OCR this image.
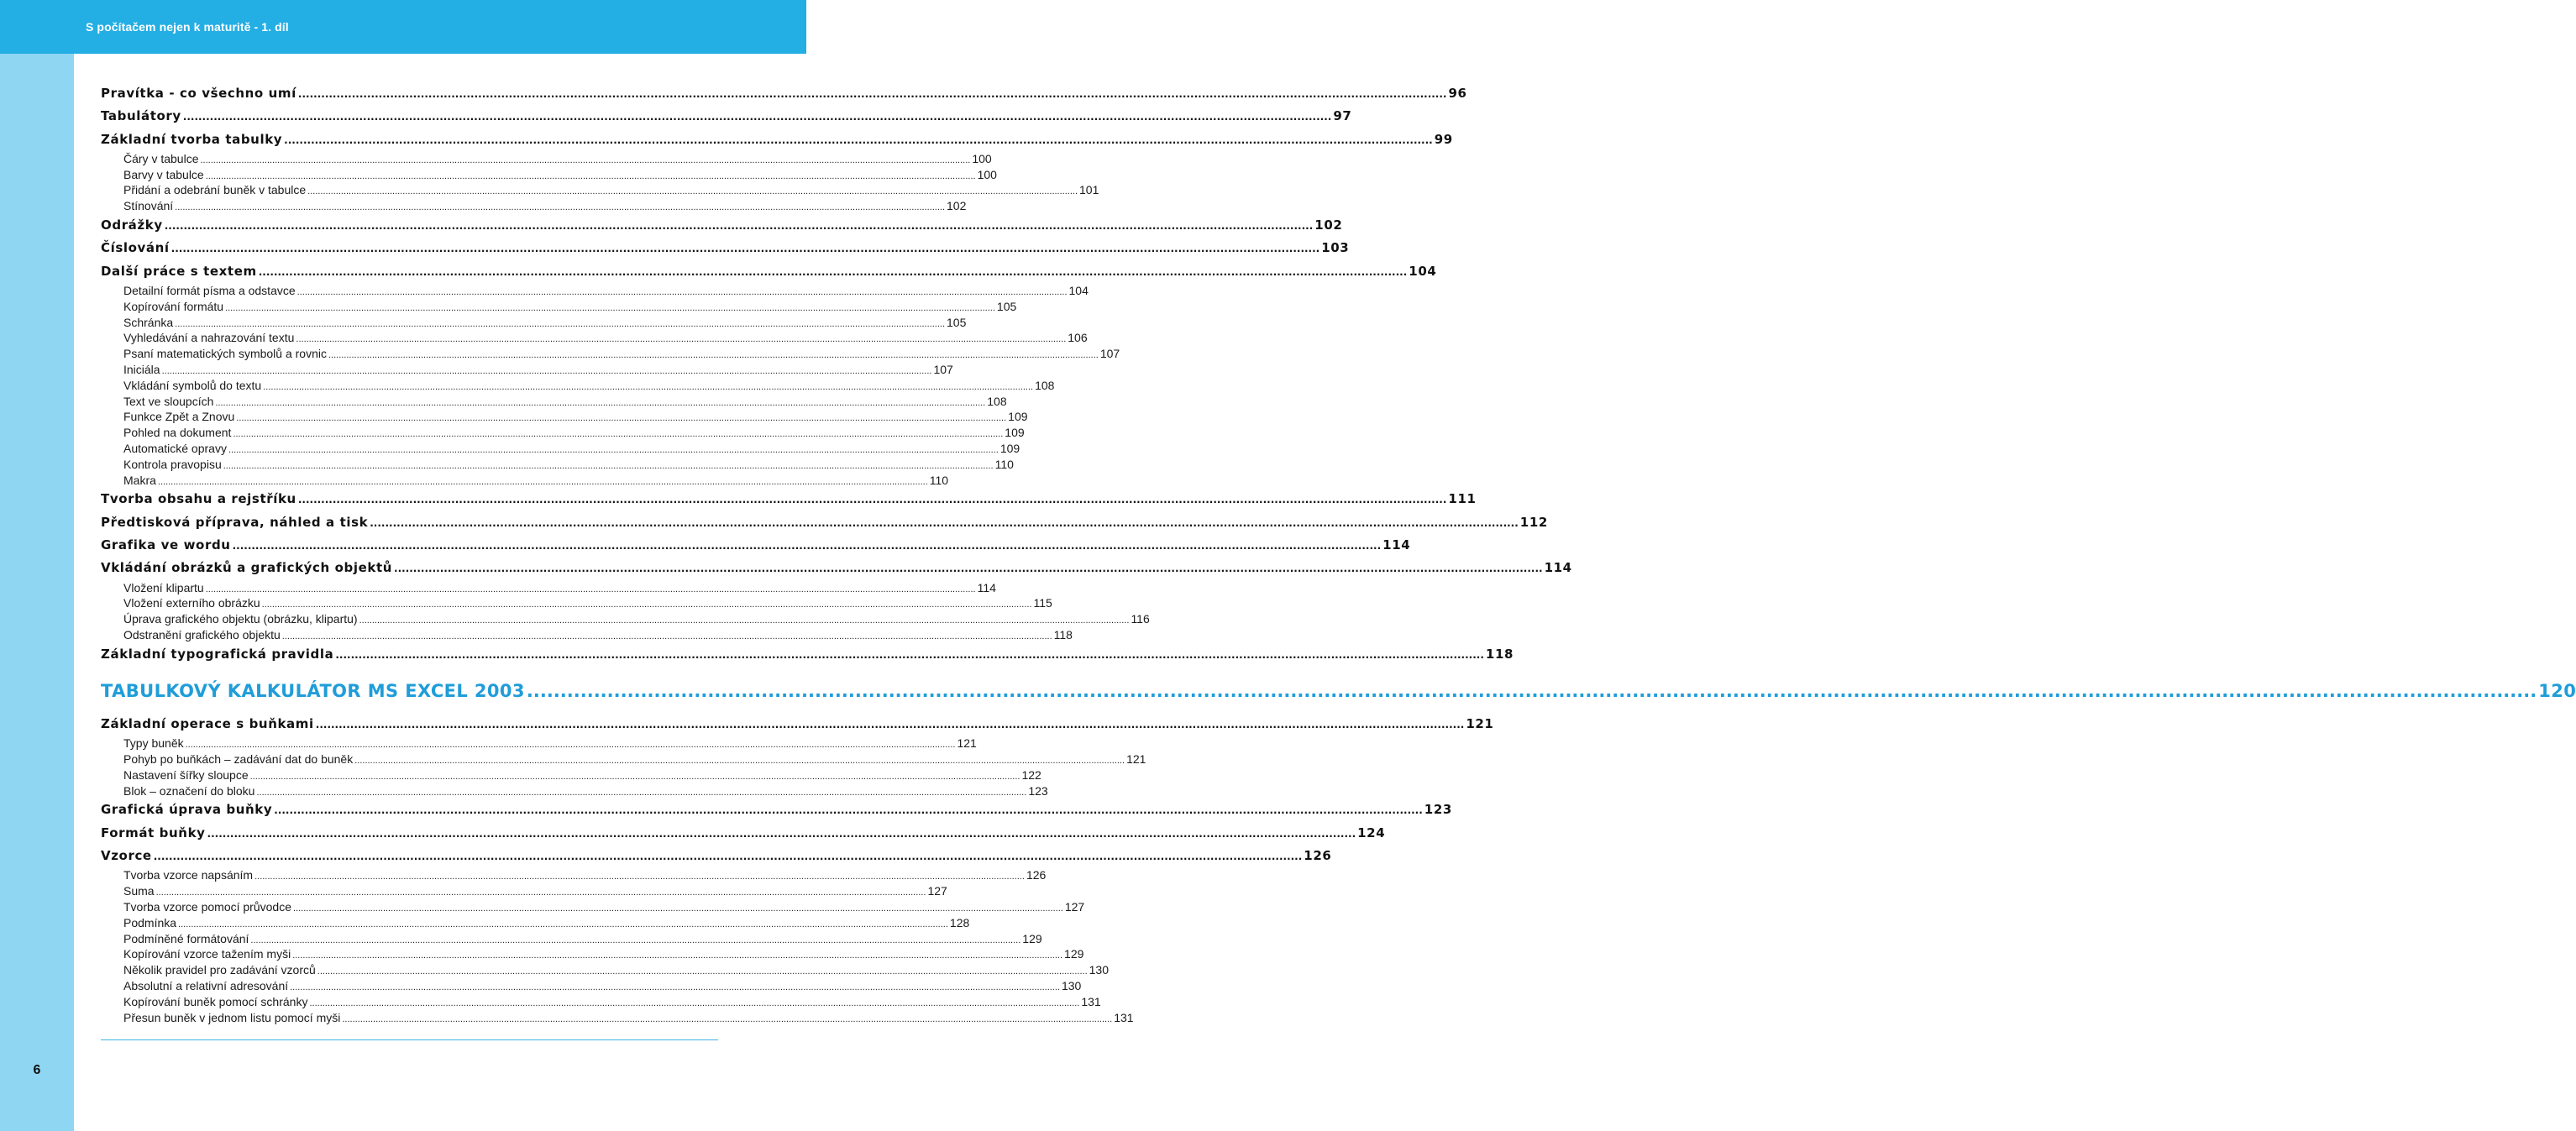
S počítačem nejen k maturitě - 1. díl
Pravítka - co všechno umí ............................................................................................................................................................................................................................................................................................................ 96
Tabulátory ............................................................................................................................................................................................................................................................................................................ 97
Základní tvorba tabulky ............................................................................................................................................................................................................................................................................................................ 99
Čáry v tabulce ............................................................................................................................................................................................................................................................................................................ 100
Barvy v tabulce ............................................................................................................................................................................................................................................................................................................ 100
Přidání a odebrání buněk v tabulce ............................................................................................................................................................................................................................................................................................................ 101
Stínování ............................................................................................................................................................................................................................................................................................................ 102
Odrážky ............................................................................................................................................................................................................................................................................................................ 102
Číslování ............................................................................................................................................................................................................................................................................................................ 103
Další práce s textem ............................................................................................................................................................................................................................................................................................................ 104
Detailní formát písma a odstavce ............................................................................................................................................................................................................................................................................................................ 104
Kopírování formátu ............................................................................................................................................................................................................................................................................................................ 105
Schránka ............................................................................................................................................................................................................................................................................................................ 105
Vyhledávání a nahrazování textu ............................................................................................................................................................................................................................................................................................................ 106
Psaní matematických symbolů a rovnic ............................................................................................................................................................................................................................................................................................................ 107
Iniciála ............................................................................................................................................................................................................................................................................................................ 107
Vkládání symbolů do textu ............................................................................................................................................................................................................................................................................................................ 108
Text ve sloupcích ............................................................................................................................................................................................................................................................................................................ 108
Funkce Zpět a Znovu ............................................................................................................................................................................................................................................................................................................ 109
Pohled na dokument ............................................................................................................................................................................................................................................................................................................ 109
Automatické opravy ............................................................................................................................................................................................................................................................................................................ 109
Kontrola pravopisu ............................................................................................................................................................................................................................................................................................................ 110
Makra ............................................................................................................................................................................................................................................................................................................ 110
Tvorba obsahu a rejstříku ............................................................................................................................................................................................................................................................................................................ 111
Předtisková příprava, náhled a tisk ............................................................................................................................................................................................................................................................................................................ 112
Grafika ve wordu ............................................................................................................................................................................................................................................................................................................ 114
Vkládání obrázků a grafických objektů ............................................................................................................................................................................................................................................................................................................ 114
Vložení klipartu ............................................................................................................................................................................................................................................................................................................ 114
Vložení externího obrázku ............................................................................................................................................................................................................................................................................................................ 115
Úprava grafického objektu (obrázku, klipartu) ............................................................................................................................................................................................................................................................................................................ 116
Odstranění grafického objektu ............................................................................................................................................................................................................................................................................................................ 118
Základní typografická pravidla ............................................................................................................................................................................................................................................................................................................ 118
TABULKOVÝ KALKULÁTOR MS EXCEL 2003 ............................................................................................................................................................................................................................................................................................................ 120
Základní operace s buňkami ............................................................................................................................................................................................................................................................................................................ 121
Typy buněk ............................................................................................................................................................................................................................................................................................................ 121
Pohyb po buňkách – zadávání dat do buněk ............................................................................................................................................................................................................................................................................................................ 121
Nastavení šířky sloupce ............................................................................................................................................................................................................................................................................................................ 122
Blok – označení do bloku ............................................................................................................................................................................................................................................................................................................ 123
Grafická úprava buňky ............................................................................................................................................................................................................................................................................................................ 123
Formát buňky ............................................................................................................................................................................................................................................................................................................ 124
Vzorce ............................................................................................................................................................................................................................................................................................................ 126
Tvorba vzorce napsáním ............................................................................................................................................................................................................................................................................................................ 126
Suma ............................................................................................................................................................................................................................................................................................................ 127
Tvorba vzorce pomocí průvodce ............................................................................................................................................................................................................................................................................................................ 127
Podmínka ............................................................................................................................................................................................................................................................................................................ 128
Podmíněné formátování ............................................................................................................................................................................................................................................................................................................ 129
Kopírování vzorce tažením myši ............................................................................................................................................................................................................................................................................................................ 129
Několik pravidel pro zadávání vzorců ............................................................................................................................................................................................................................................................................................................ 130
Absolutní a relativní adresování ............................................................................................................................................................................................................................................................................................................ 130
Kopírování buněk pomocí schránky ............................................................................................................................................................................................................................................................................................................ 131
Přesun buněk v jednom listu pomocí myši ............................................................................................................................................................................................................................................................................................................ 131
6
